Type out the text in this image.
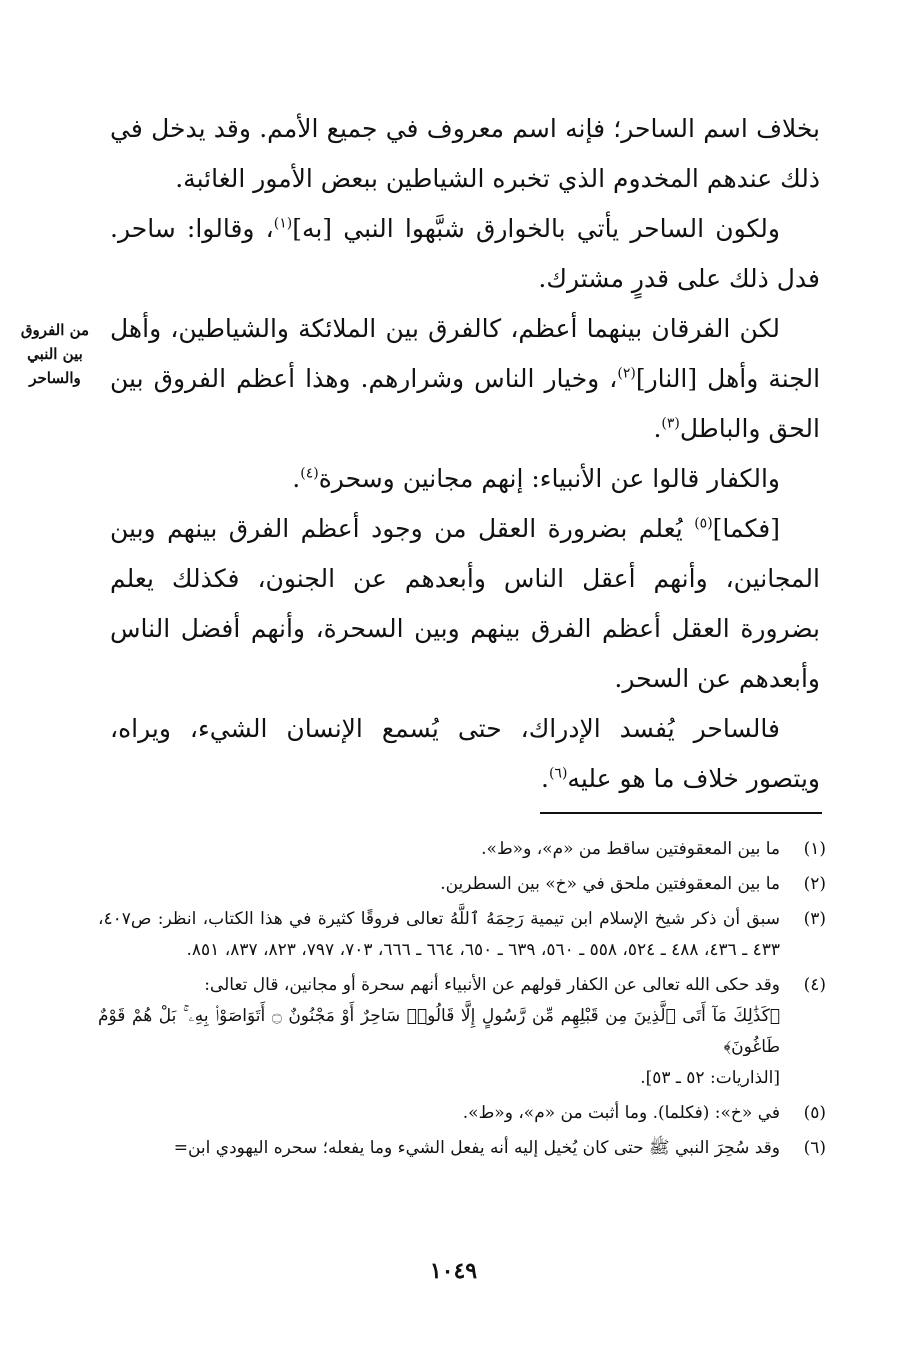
من الفروق بين النبي والساحر

بخلاف اسم الساحر؛ فإنه اسم معروف في جميع الأمم. وقد يدخل في ذلك عندهم المخدوم الذي تخبره الشياطين ببعض الأمور الغائبة.

ولكون الساحر يأتي بالخوارق شبَّهوا النبي [به]$^{(١)}$، وقالوا: ساحر. فدل ذلك على قدرٍ مشترك.

لكن الفرقان بينهما أعظم، كالفرق بين الملائكة والشياطين، وأهل الجنة وأهل [النار]$^{(٢)}$، وخيار الناس وشرارهم. وهذا أعظم الفروق بين الحق والباطل$^{(٣)}$.

والكفار قالوا عن الأنبياء: إنهم مجانين وسحرة$^{(٤)}$.

[فكما]$^{(٥)}$ يُعلم بضرورة العقل من وجود أعظم الفرق بينهم وبين المجانين، وأنهم أعقل الناس وأبعدهم عن الجنون، فكذلك يعلم بضرورة العقل أعظم الفرق بينهم وبين السحرة، وأنهم أفضل الناس وأبعدهم عن السحر.

فالساحر يُفسد الإدراك، حتى يُسمع الإنسان الشيء، ويراه، ويتصور خلاف ما هو عليه$^{(٦)}$.

(١)
ما بين المعقوفتين ساقط من «م»، و«ط».
(٢)
ما بين المعقوفتين ملحق في «خ» بين السطرين.
(٣)
سبق أن ذكر شيخ الإسلام ابن تيمية رَحِمَهُ ٱللَّهُ تعالى فروقًا كثيرة في هذا الكتاب، انظر: ص٤٠٧، ٤٣٣ ـ ٤٣٦، ٤٨٨ ـ ٥٢٤، ٥٥٨ ـ ٥٦٠، ٦٣٩ ـ ٦٥٠، ٦٦٤ ـ ٦٦٦، ٧٠٣، ٧٩٧، ٨٢٣، ٨٣٧، ٨٥١.
(٤)
وقد حكى الله تعالى عن الكفار قولهم عن الأنبياء أنهم سحرة أو مجانين، قال تعالى:
﴿كَذَٰلِكَ مَآ أَتَى ٱلَّذِينَ مِن قَبْلِهِم مِّن رَّسُولٍ إِلَّا قَالُوا۟ سَاحِرٌ أَوْ مَجْنُونٌ ۝ أَتَوَاصَوْا۟ بِهِۦ ۚ بَلْ هُمْ قَوْمٌ طَاغُونَ﴾
[الذاريات: ٥٢ ـ ٥٣].
(٥)
في «خ»: (فكلما). وما أثبت من «م»، و«ط».
(٦)
وقد سُحِرَ النبي ﷺ حتى كان يُخيل إليه أنه يفعل الشيء وما يفعله؛ سحره اليهودي ابن=
١٠٤٩
